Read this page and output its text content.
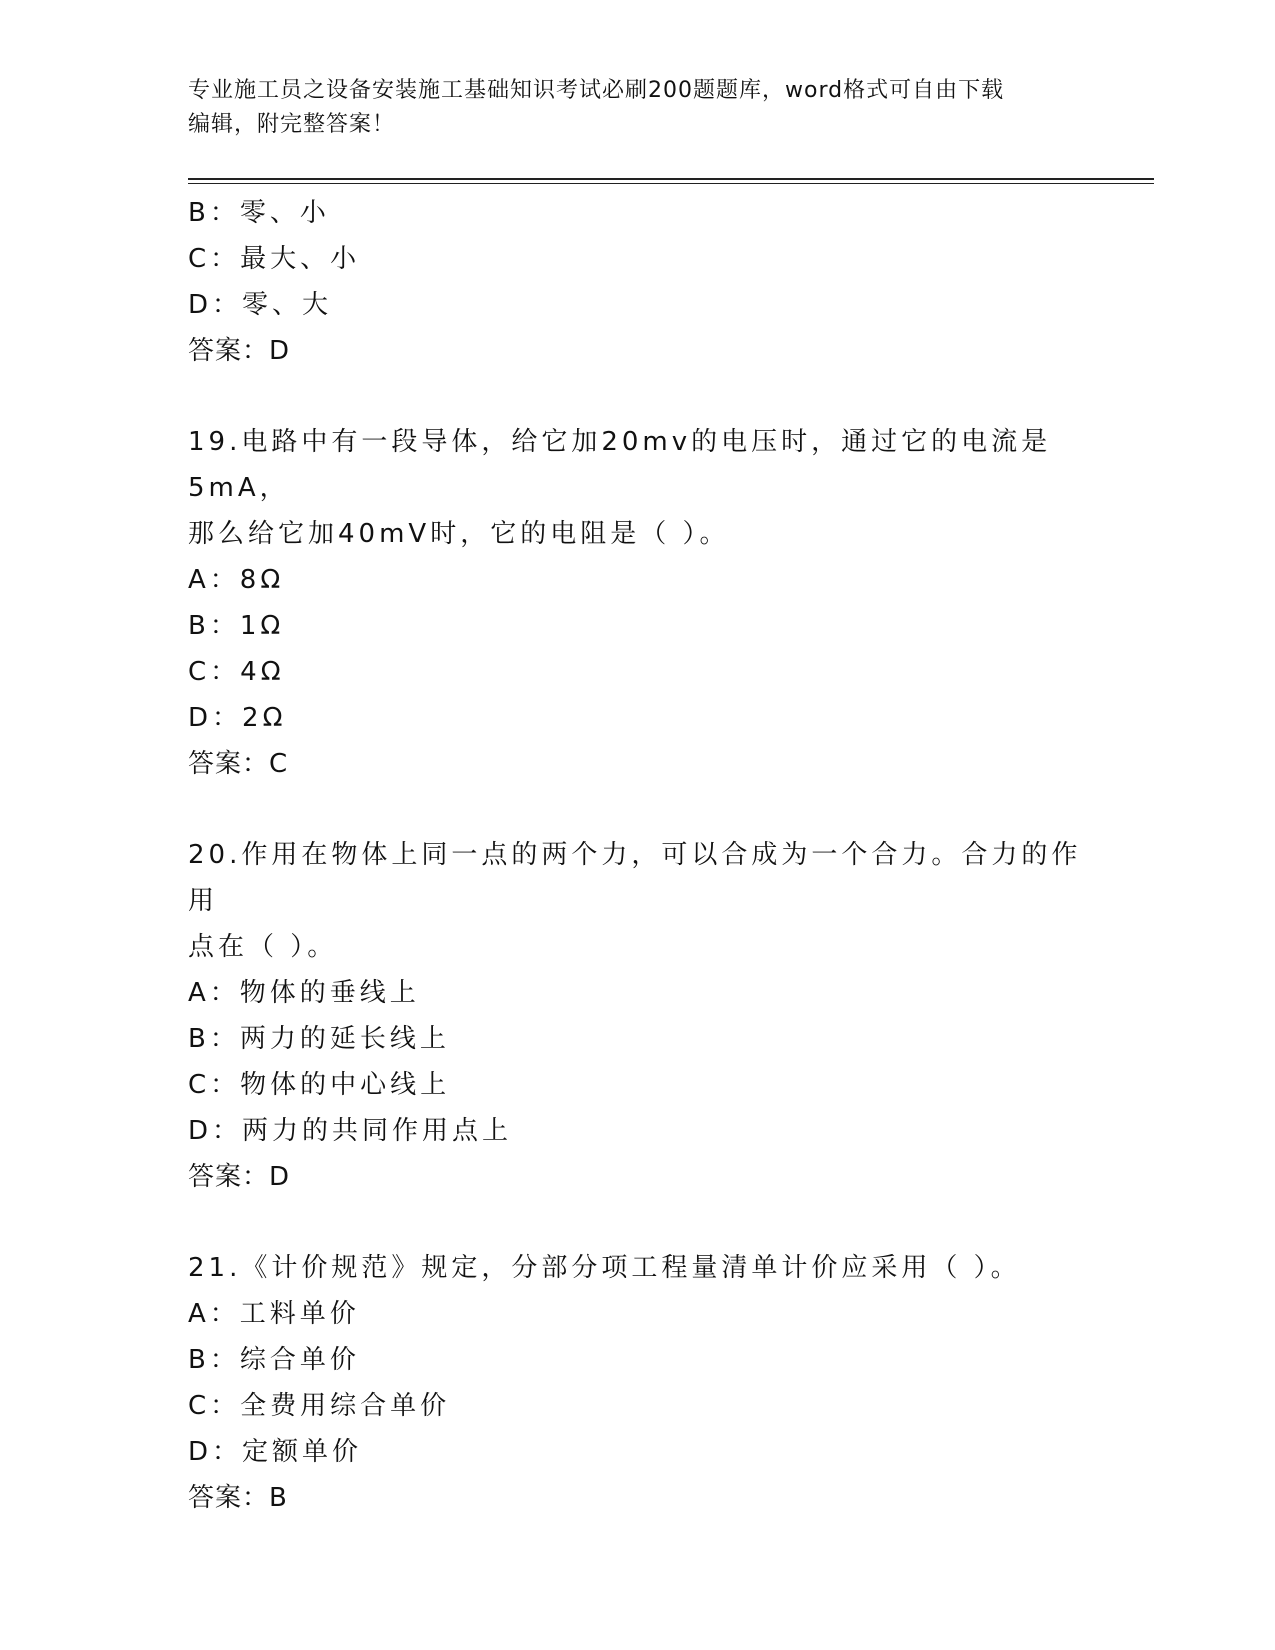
专业施工员之设备安装施工基础知识考试必刷200题题库，word格式可自由下载
编辑，附完整答案！
B：零、小
C：最大、小
D：零、大
答案：D
19.电路中有一段导体，给它加20mv的电压时，通过它的电流是5mA，
那么给它加40mV时，它的电阻是（ ）。
A：8Ω
B：1Ω
C：4Ω
D：2Ω
答案：C
20.作用在物体上同一点的两个力，可以合成为一个合力。合力的作用
点在（ ）。
A：物体的垂线上
B：两力的延长线上
C：物体的中心线上
D：两力的共同作用点上
答案：D
21.《计价规范》规定，分部分项工程量清单计价应采用（ ）。
A：工料单价
B：综合单价
C：全费用综合单价
D：定额单价
答案：B
